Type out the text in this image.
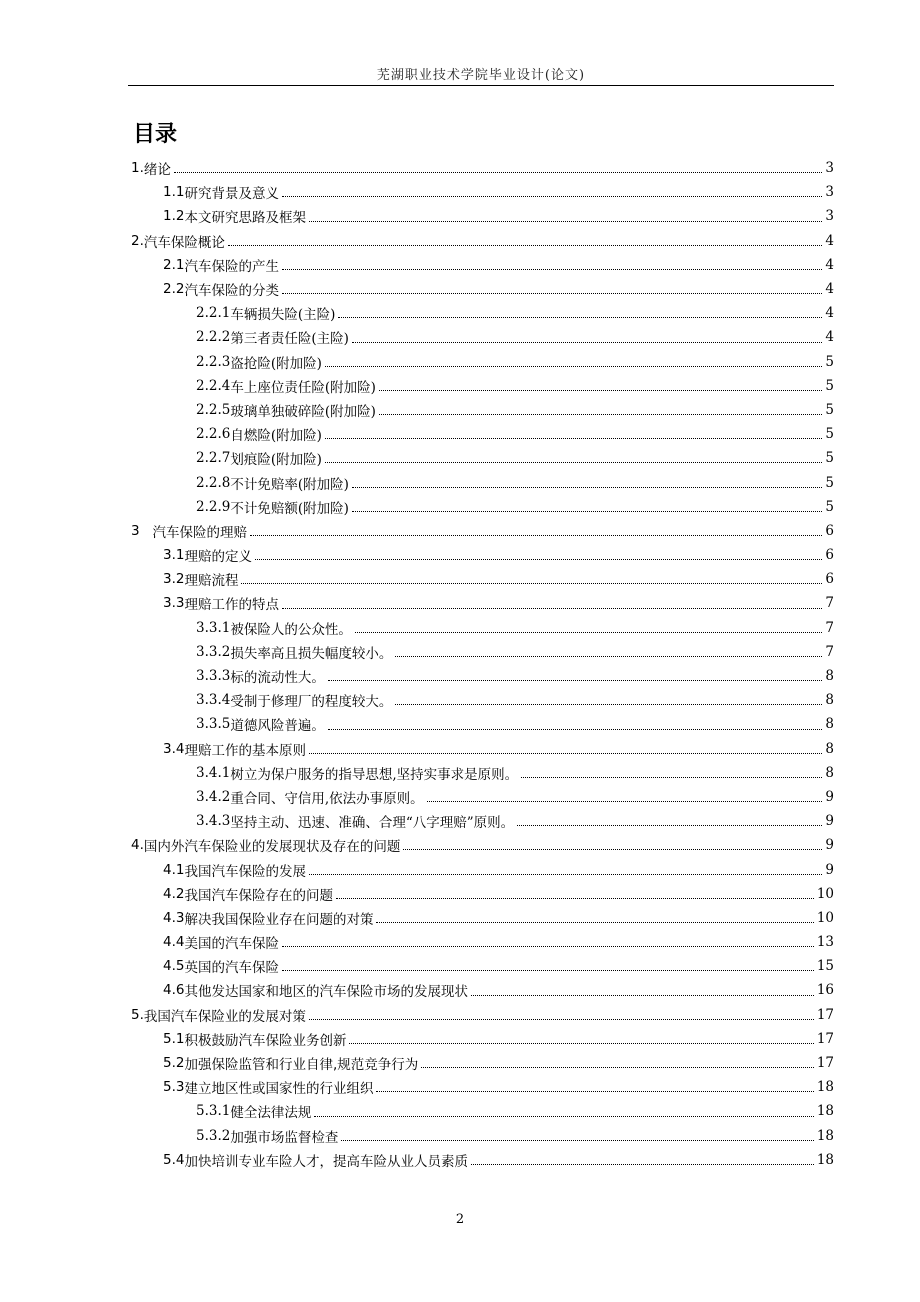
芜湖职业技术学院毕业设计(论文)
目录
1. 绪论	3
1.1 研究背景及意义	3
1.2 本文研究思路及框架	3
2. 汽车保险概论	4
2.1 汽车保险的产生	4
2.2 汽车保险的分类	4
2.2.1 车辆损失险(主险)	4
2.2.2 第三者责任险(主险)	4
2.2.3 盗抢险(附加险)	5
2.2.4 车上座位责任险(附加险)	5
2.2.5 玻璃单独破碎险(附加险)	5
2.2.6 自燃险(附加险)	5
2.2.7 划痕险(附加险)	5
2.2.8 不计免赔率(附加险)	5
2.2.9 不计免赔额(附加险)	5
3 汽车保险的理赔	6
3.1 理赔的定义	6
3.2 理赔流程	6
3.3 理赔工作的特点	7
3.3.1 被保险人的公众性。	7
3.3.2 损失率高且损失幅度较小。	7
3.3.3 标的流动性大。	8
3.3.4 受制于修理厂的程度较大。	8
3.3.5 道德风险普遍。	8
3.4 理赔工作的基本原则	8
3.4.1 树立为保户服务的指导思想,坚持实事求是原则。	8
3.4.2 重合同、守信用,依法办事原则。	9
3.4.3 坚持主动、迅速、准确、合理“八字理赔”原则。	9
4. 国内外汽车保险业的发展现状及存在的问题	9
4.1 我国汽车保险的发展	9
4.2 我国汽车保险存在的问题	10
4.3 解决我国保险业存在问题的对策	10
4.4 美国的汽车保险	13
4.5 英国的汽车保险	15
4.6 其他发达国家和地区的汽车保险市场的发展现状	16
5. 我国汽车保险业的发展对策	17
5.1 积极鼓励汽车保险业务创新	17
5.2 加强保险监管和行业自律,规范竞争行为	17
5.3 建立地区性或国家性的行业组织	18
5.3.1 健全法律法规	18
5.3.2 加强市场监督检查	18
5.4 加快培训专业车险人才，提高车险从业人员素质	18
2
